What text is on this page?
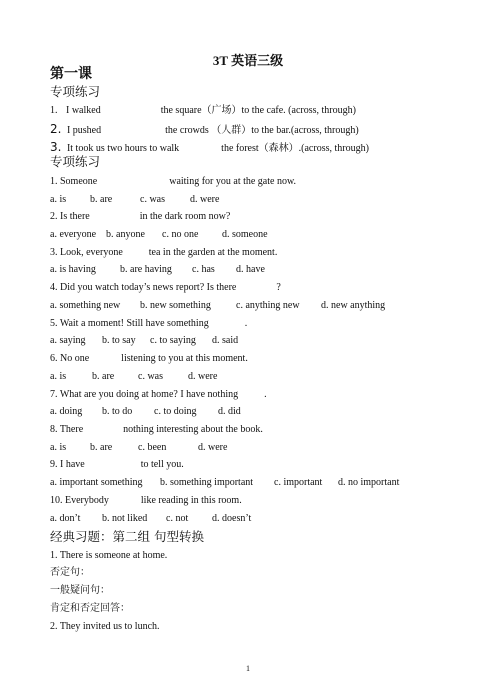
3T 英语三级
第一课
专项练习
1. I walked	the square（广场）to the cafe. (across, through)
2. I pushed	the crowds （人群）to the bar.(across, through)
3. It took us two hours to walk	the forest（森林）.(across, through)
专项练习
1. Someone	waiting for you at the gate now.
a. is b. are	c. was	d. were
2. Is there	in the dark room now?
a. everyone b. anyone c. no one d. someone
3. Look, everyone	tea in the garden at the moment.
a. is having b. are having c. has d. have
4. Did you watch today’s news report? Is there	?
a. something new b. new something	c. anything new d. new anything
5. Wait a moment! Still have something	.
a. saying b. to say c. to saying d. said
6. No one	listening to you at this moment.
a. is	b. are c. was	d. were
7. What are you doing at home? I have nothing	.
a. doing b. to do c. to doing d. did
8. There	nothing interesting about the book.
a. is b. are	c. been	d. were
9. I have	to tell you.
a. important something b. something important c. important d. no important
10. Everybody	like reading in this room.
a. don’t b. not liked c. not d. doesn’t
经典习题：第二组 句型转换
1. There is someone at home.
否定句：
一般疑问句：
肯定和否定回答：
2. They invited us to lunch.
1
